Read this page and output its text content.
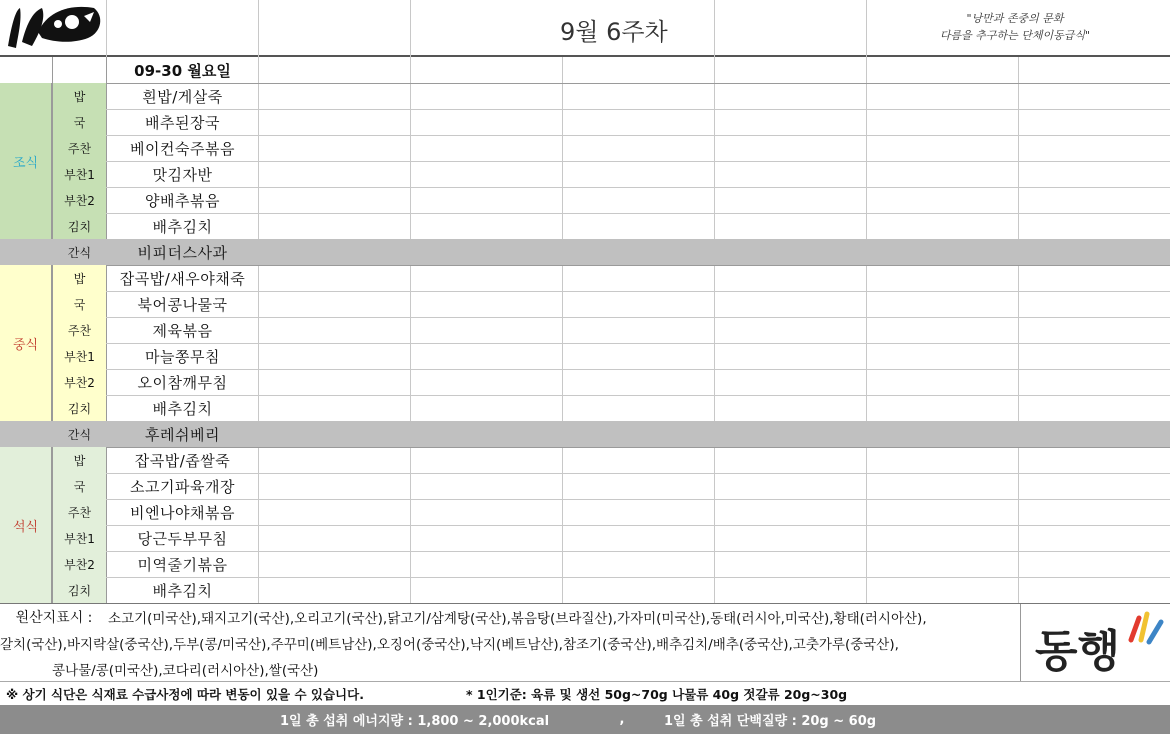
9월 6주차	"낭만과 존중의 문화
다름을 추구하는 단체이동급식"
09-30 월요일
조식
밥	흰밥/게살죽
국	배추된장국
주찬	베이컨숙주볶음
부찬1	맛김자반
부찬2	양배추볶음
김치	배추김치
간식	비피더스사과
중식
밥	잡곡밥/새우야채죽
국	북어콩나물국
주찬	제육볶음
부찬1	마늘쫑무침
부찬2	오이참깨무침
김치	배추김치
간식	후레쉬베리
석식
밥	잡곡밥/좁쌀죽
국	소고기파육개장
주찬	비엔나야채볶음
부찬1	당근두부무침
부찬2	미역줄기볶음
김치	배추김치
원산지표시 :	소고기(미국산),돼지고기(국산),오리고기(국산),닭고기/삼계탕(국산),볶음탕(브라질산),가자미(미국산),동태(러시아,미국산),황태(러시아산),
갈치(국산),바지락살(중국산),두부(콩/미국산),주꾸미(베트남산),오징어(중국산),낙지(베트남산),참조기(중국산),배추김치/배추(중국산),고춧가루(중국산),
콩나물/콩(미국산),코다리(러시아산),쌀(국산)	동행
※ 상기 식단은 식재료 수급사정에 따라 변동이 있을 수 있습니다.	* 1인기준: 육류 및 생선 50g~70g 나물류 40g 젓갈류 20g~30g
1일 총 섭취 에너지량 : 1,800 ~ 2,000kcal	,	1일 총 섭취 단백질량 : 20g ~ 60g
